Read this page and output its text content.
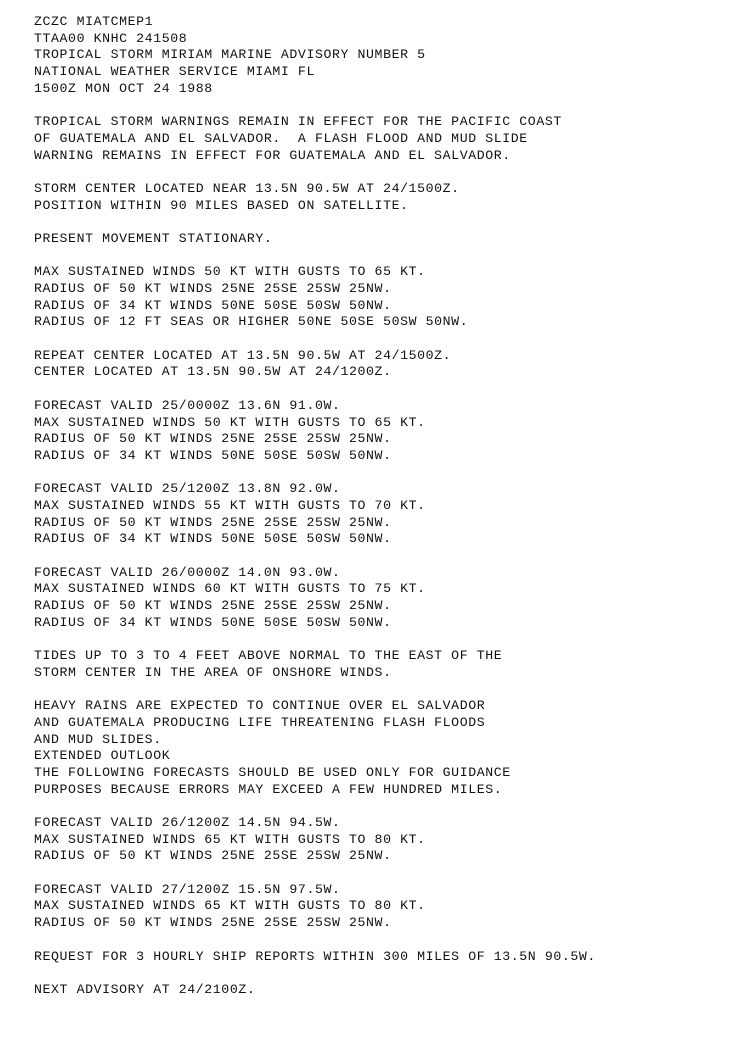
ZCZC MIATCMEP1
TTAA00 KNHC 241508
TROPICAL STORM MIRIAM MARINE ADVISORY NUMBER 5
NATIONAL WEATHER SERVICE MIAMI FL
1500Z MON OCT 24 1988
TROPICAL STORM WARNINGS REMAIN IN EFFECT FOR THE PACIFIC COAST
OF GUATEMALA AND EL SALVADOR.  A FLASH FLOOD AND MUD SLIDE
WARNING REMAINS IN EFFECT FOR GUATEMALA AND EL SALVADOR.
STORM CENTER LOCATED NEAR 13.5N 90.5W AT 24/1500Z.
POSITION WITHIN 90 MILES BASED ON SATELLITE.
PRESENT MOVEMENT STATIONARY.
MAX SUSTAINED WINDS 50 KT WITH GUSTS TO 65 KT.
RADIUS OF 50 KT WINDS 25NE 25SE 25SW 25NW.
RADIUS OF 34 KT WINDS 50NE 50SE 50SW 50NW.
RADIUS OF 12 FT SEAS OR HIGHER 50NE 50SE 50SW 50NW.
REPEAT CENTER LOCATED AT 13.5N 90.5W AT 24/1500Z.
CENTER LOCATED AT 13.5N 90.5W AT 24/1200Z.
FORECAST VALID 25/0000Z 13.6N 91.0W.
MAX SUSTAINED WINDS 50 KT WITH GUSTS TO 65 KT.
RADIUS OF 50 KT WINDS 25NE 25SE 25SW 25NW.
RADIUS OF 34 KT WINDS 50NE 50SE 50SW 50NW.
FORECAST VALID 25/1200Z 13.8N 92.0W.
MAX SUSTAINED WINDS 55 KT WITH GUSTS TO 70 KT.
RADIUS OF 50 KT WINDS 25NE 25SE 25SW 25NW.
RADIUS OF 34 KT WINDS 50NE 50SE 50SW 50NW.
FORECAST VALID 26/0000Z 14.0N 93.0W.
MAX SUSTAINED WINDS 60 KT WITH GUSTS TO 75 KT.
RADIUS OF 50 KT WINDS 25NE 25SE 25SW 25NW.
RADIUS OF 34 KT WINDS 50NE 50SE 50SW 50NW.
TIDES UP TO 3 TO 4 FEET ABOVE NORMAL TO THE EAST OF THE
STORM CENTER IN THE AREA OF ONSHORE WINDS.
HEAVY RAINS ARE EXPECTED TO CONTINUE OVER EL SALVADOR
AND GUATEMALA PRODUCING LIFE THREATENING FLASH FLOODS
AND MUD SLIDES.
EXTENDED OUTLOOK
THE FOLLOWING FORECASTS SHOULD BE USED ONLY FOR GUIDANCE
PURPOSES BECAUSE ERRORS MAY EXCEED A FEW HUNDRED MILES.
FORECAST VALID 26/1200Z 14.5N 94.5W.
MAX SUSTAINED WINDS 65 KT WITH GUSTS TO 80 KT.
RADIUS OF 50 KT WINDS 25NE 25SE 25SW 25NW.
FORECAST VALID 27/1200Z 15.5N 97.5W.
MAX SUSTAINED WINDS 65 KT WITH GUSTS TO 80 KT.
RADIUS OF 50 KT WINDS 25NE 25SE 25SW 25NW.
REQUEST FOR 3 HOURLY SHIP REPORTS WITHIN 300 MILES OF 13.5N 90.5W.
NEXT ADVISORY AT 24/2100Z.
